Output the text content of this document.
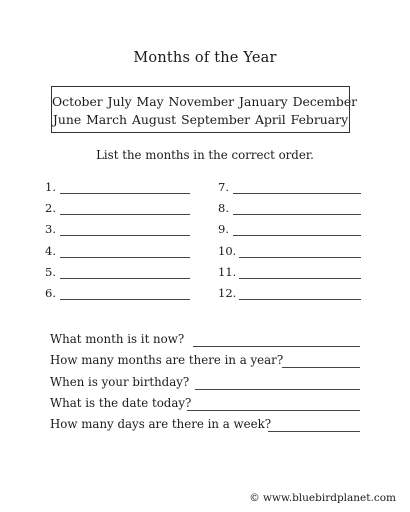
Months of the Year
October July May November January December
June March August September April February
List the months in the correct order.
1.
2.
3.
4.
5.
6.
7.
8.
9.
10.
11.
12.
What month is it now?
How many months are there in a year?
When is your birthday?
What is the date today?
How many days are there in a week?
© www.bluebirdplanet.com
